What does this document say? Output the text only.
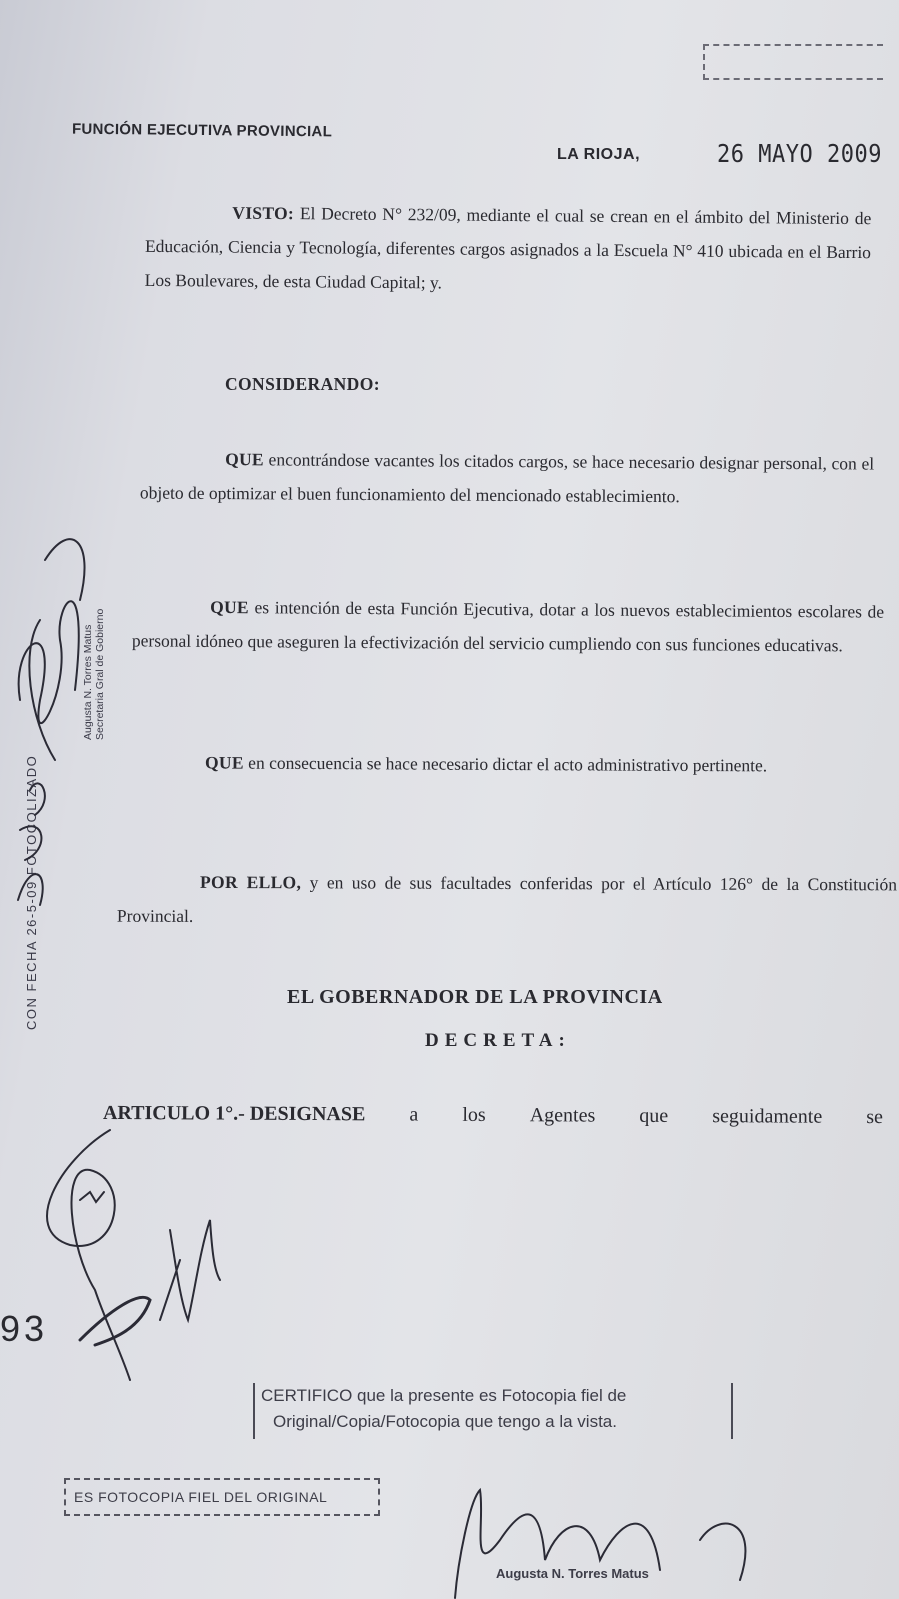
FUNCIÓN EJECUTIVA PROVINCIAL
LA RIOJA,	26 MAYO 2009
VISTO: El Decreto N° 232/09, mediante el cual se crean en el ámbito del Ministerio de Educación, Ciencia y Tecnología, diferentes cargos asignados a la Escuela N° 410 ubicada en el Barrio Los Boulevares, de esta Ciudad Capital; y.
CONSIDERANDO:
QUE encontrándose vacantes los citados cargos, se hace necesario designar personal, con el objeto de optimizar el buen funcionamiento del mencionado establecimiento.
QUE es intención de esta Función Ejecutiva, dotar a los nuevos establecimientos escolares de personal idóneo que aseguren la efectivización del servicio cumpliendo con sus funciones educativas.
QUE en consecuencia se hace necesario dictar el acto administrativo pertinente.
POR ELLO, y en uso de sus facultades conferidas por el Artículo 126° de la Constitución Provincial.
EL GOBERNADOR DE LA PROVINCIA
DECRETA:
ARTICULO 1°.- DESIGNASE a los Agentes que seguidamente se
CON FECHA 26-5-09 FOTOCOLIZADO
Augusta N. Torres Matus Secretaria Gral de Gobierno
93
CERTIFICO que la presente es Fotocopia fiel de
Original/Copia/Fotocopia que tengo a la vista.
ES FOTOCOPIA FIEL DEL ORIGINAL
Augusta N. Torres Matus
